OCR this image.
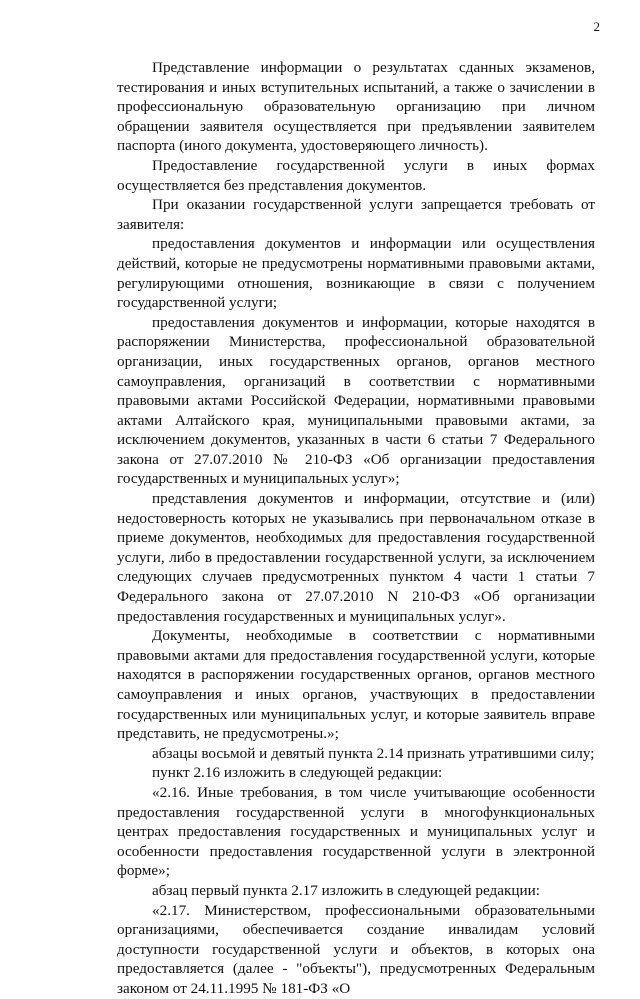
2

Представление информации о результатах сданных экзаменов, тестирования и иных вступительных испытаний, а также о зачислении в профессиональную образовательную организацию при личном обращении заявителя осуществляется при предъявлении заявителем паспорта (иного документа, удостоверяющего личность).

Предоставление государственной услуги в иных формах осуществляется без представления документов.

При оказании государственной услуги запрещается требовать от заявителя:

предоставления документов и информации или осуществления действий, которые не предусмотрены нормативными правовыми актами, регулирующими отношения, возникающие в связи с получением государственной услуги;

предоставления документов и информации, которые находятся в распоряжении Министерства, профессиональной образовательной организации, иных государственных органов, органов местного самоуправления, организаций в соответствии с нормативными правовыми актами Российской Федерации, нормативными правовыми актами Алтайского края, муниципальными правовыми актами, за исключением документов, указанных в части 6 статьи 7 Федерального закона от 27.07.2010 № 210-ФЗ «Об организации предоставления государственных и муниципальных услуг»;

представления документов и информации, отсутствие и (или) недостоверность которых не указывались при первоначальном отказе в приеме документов, необходимых для предоставления государственной услуги, либо в предоставлении государственной услуги, за исключением следующих случаев предусмотренных пунктом 4 части 1 статьи 7 Федерального закона от 27.07.2010 N 210-ФЗ «Об организации предоставления государственных и муниципальных услуг».

Документы, необходимые в соответствии с нормативными правовыми актами для предоставления государственной услуги, которые находятся в распоряжении государственных органов, органов местного самоуправления и иных органов, участвующих в предоставлении государственных или муниципальных услуг, и которые заявитель вправе представить, не предусмотрены.»;

абзацы восьмой и девятый пункта 2.14 признать утратившими силу;

пункт 2.16 изложить в следующей редакции:

«2.16. Иные требования, в том числе учитывающие особенности предоставления государственной услуги в многофункциональных центрах предоставления государственных и муниципальных услуг и особенности предоставления государственной услуги в электронной форме»;

абзац первый пункта 2.17 изложить в следующей редакции:

«2.17. Министерством, профессиональными образовательными организациями, обеспечивается создание инвалидам условий доступности государственной услуги и объектов, в которых она предоставляется (далее - "объекты"), предусмотренных Федеральным законом от 24.11.1995 № 181-ФЗ «О
